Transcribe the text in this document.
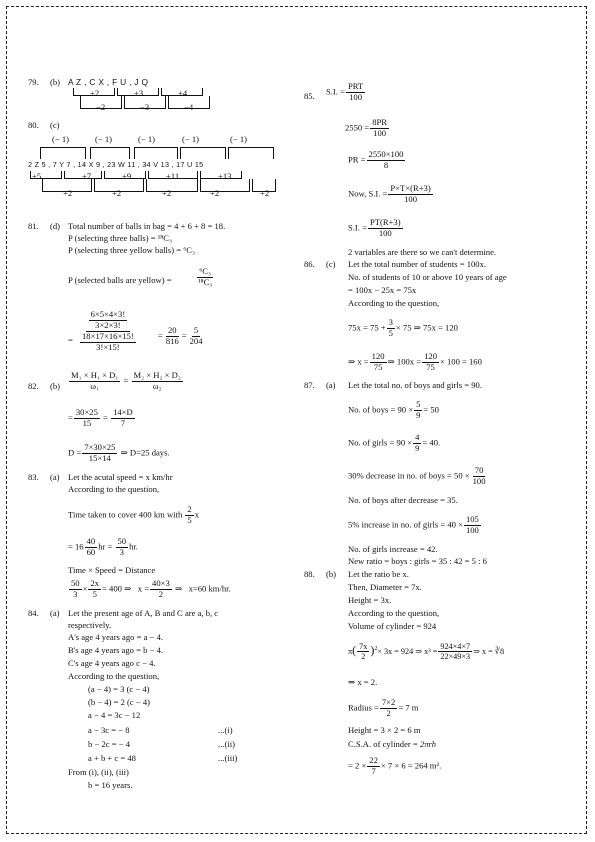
79. (b) A Z , C X , F U , J Q
+2	+3	+4
−2	−3	−4
80. (c)
(− 1)	(− 1)	(− 1)	(− 1)	(− 1)
2 Z 5 , 7 Y 7 , 14 X 9 , 23 W 11 , 34 V 13 , 17 U 15
+5	+7	+9	+11	+13
+2	+2	+2	+2	+2
81. (d) Total number of balls in bag = 4 + 6 + 8 = 18.
P (selecting three balls) = ¹⁸C₃
P (selecting three yellow balls) = ⁶C₃
P (selected balls are yellow) =	$\frac{\text{⁶C₃}}{\text{¹⁸C₃}}$
= $\frac{\frac{6\times 5\times 4\times 3!}{3\times 2\times 3!}}{\frac{18\times 17\times 16\times 15!}{3!\times 15!}} = \frac{20}{816} = \frac{5}{204}$
82. $(b) \frac{\text{M₁ × H₁ × D₁}}{\text{ω₁}} = \frac{\text{M₂ × H₂ × D₂}}{\text{ω₂}}$
= $\frac{30\times 25}{15} = \frac{14\times D}{7}$
$D = \frac{7\times 30\times 25}{15\times 14}$ ⇒ D=25 days.
83. (a) Let the acutal speed = x km/hr
According to the question,
Time taken to cover 400 km with $\frac{2}{5}$ x
= $16 \frac{40}{60}$ hr = $\frac{50}{3}$ hr.
Time × Speed = Distance
$\frac{50}{3} \times \frac{2x}{5} = 400$ ⇒ $x = \frac{40\times 3}{2}$ ⇒ x=60 km/hr.
84. (a) Let the present age of A, B and C are a, b, c
respectively.
A's age 4 years ago = a − 4.
B's age 4 years ago = b − 4.
C's age 4 years ago c − 4.
According to the question,
(a − 4) = 3 (c − 4)
(b − 4) = 2 (c − 4)
a − 4 = 3c − 12
a − 3c = − 8	...(i)
b − 2c = − 4	...(ii)
a + b + c = 48	...(iii)
From (i), (ii), (iii)
b = 16 years.
85. S.I. = $\frac{\text{PRT}}{100}$
$2550 = \frac{8PR}{100}$
PR = $\frac{2550\times 100}{8}$
Now, S.I. = $\frac{P\times T\times(R+3)}{100}$
S.I. = $\frac{PT(R+3)}{100}$
2 variables are there so we can't determine.
86. (c) Let the total number of students = 100x.
No. of students of 10 or above 10 years of age
= 100x − 25x = 75x
According to the question,
$75x = 75 + \frac{3}{5} \times 75$ ⇒ 75x = 120
⇒ $x = \frac{120}{75}$ ⇒ $100x = \frac{120}{75} \times 100 = 160$
87. (a) Let the total no. of boys and girls = 90.
No. of boys = $90 \times \frac{5}{9} = 50$
No. of girls = $90 \times \frac{4}{9} = 40$.
30% decrease in no. of boys = $50 \times \frac{70}{100}$
No. of boys after decrease = 35.
5% increase in no. of girls = $40 \times \frac{105}{100}$
No. of girls increase = 42.
New ratio = boys : girls = 35 : 42 = 5 : 6
88. (b) Let the ratio be x.
Then, Diameter = 7x.
Height = 3x.
According to the question,
Volume of cylinder = 924
$\pi( \frac{7x}{2} )^2\times 3x = 924$ ⇒ $x^3 = \frac{924\times 4\times 7}{22\times 49\times 3}$ ⇒ x = ∛8
⇒ x = 2.
Radius = $\frac{7\times 2}{2} = 7$ m
Height = 3 × 2 = 6 m
C.S.A. of cylinder = 2πrh
= $2 \times \frac{22}{7} \times 7 \times 6 = 264$ m².
